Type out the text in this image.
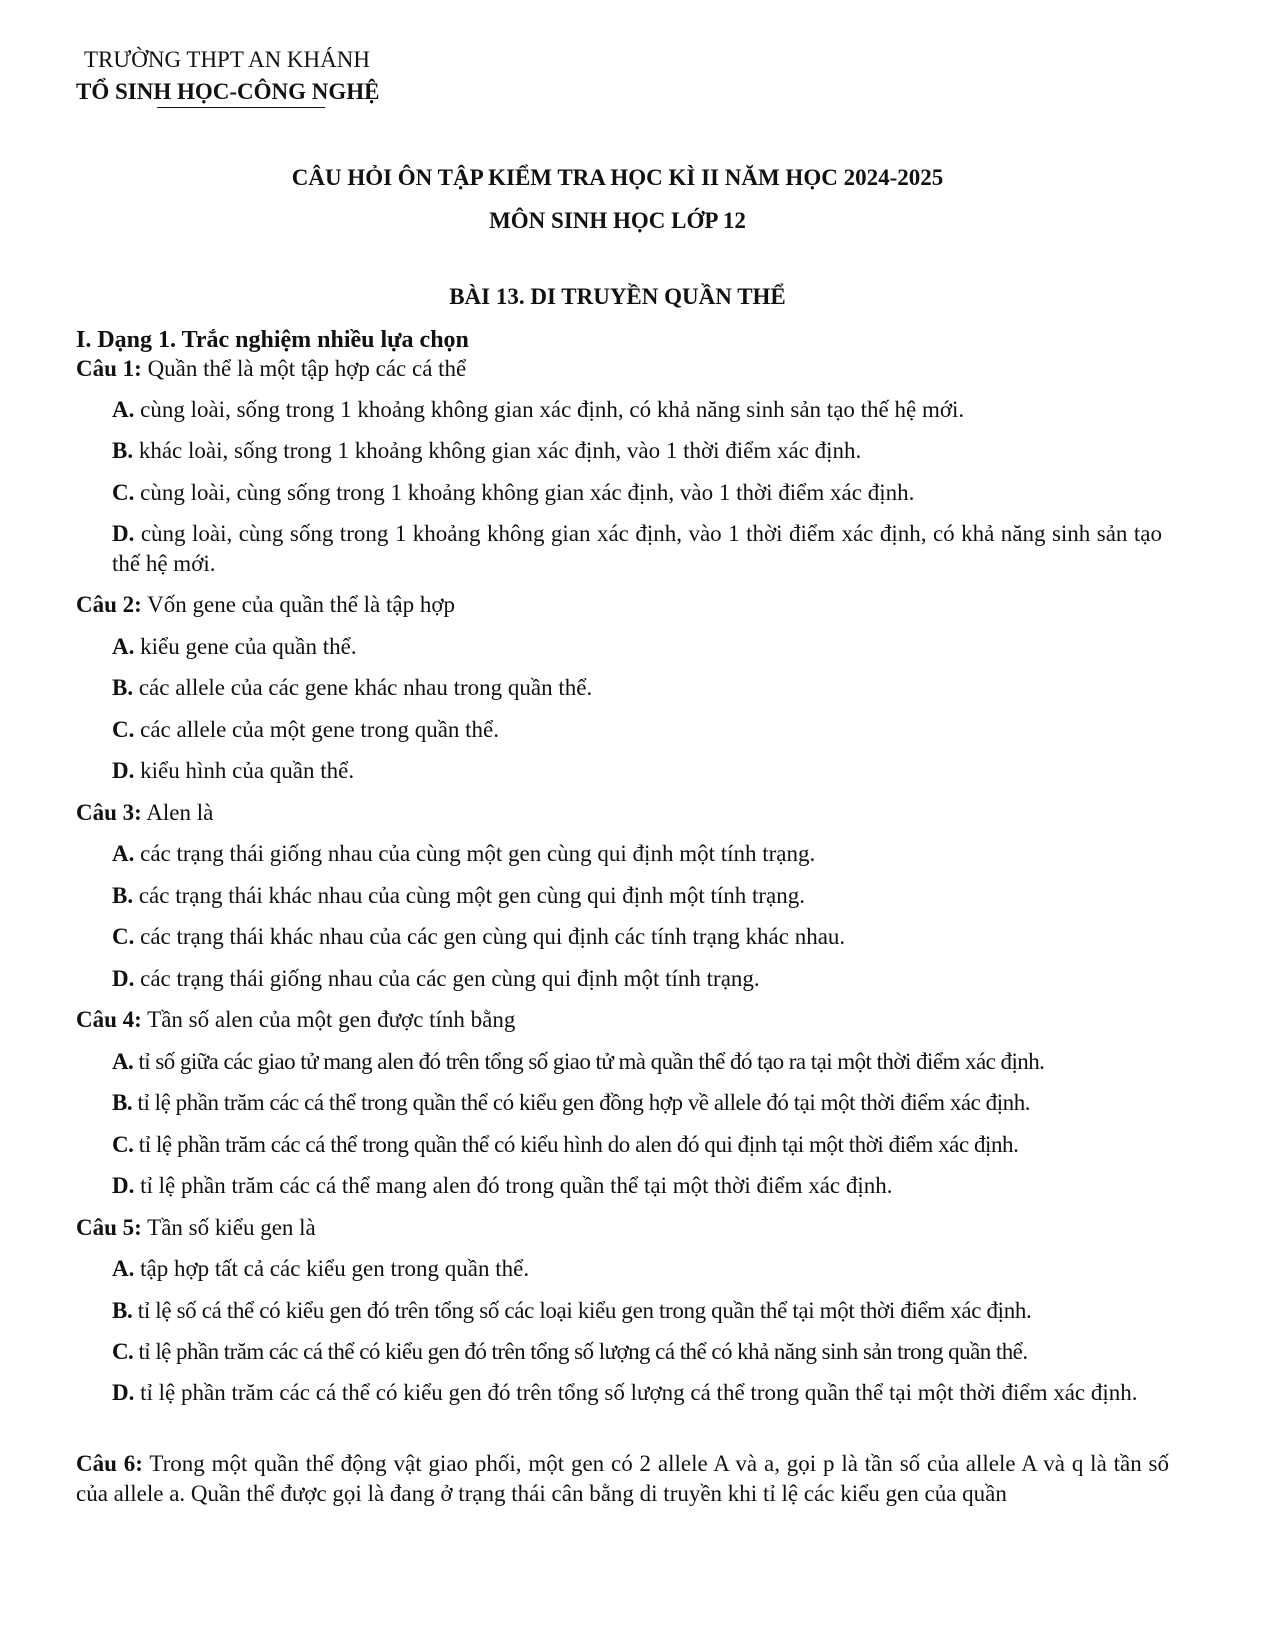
TRƯỜNG THPT AN KHÁNH
TỔ SINH HỌC-CÔNG NGHỆ
CÂU HỎI ÔN TẬP KIỂM TRA HỌC KÌ II NĂM HỌC 2024-2025
MÔN SINH HỌC LỚP 12
BÀI 13. DI TRUYỀN QUẦN THỂ
I. Dạng 1. Trắc nghiệm nhiều lựa chọn
Câu 1: Quần thể là một tập hợp các cá thể
A. cùng loài, sống trong 1 khoảng không gian xác định, có khả năng sinh sản tạo thế hệ mới.
B. khác loài, sống trong 1 khoảng không gian xác định, vào 1 thời điểm xác định.
C. cùng loài, cùng sống trong 1 khoảng không gian xác định, vào 1 thời điểm xác định.
D. cùng loài, cùng sống trong 1 khoảng không gian xác định, vào 1 thời điểm xác định, có khả năng sinh sản tạo thế hệ mới.
Câu 2: Vốn gene của quần thể là tập hợp
A. kiểu gene của quần thể.
B. các allele của các gene khác nhau trong quần thể.
C. các allele của một gene trong quần thể.
D. kiểu hình của quần thể.
Câu 3: Alen là
A. các trạng thái giống nhau của cùng một gen cùng qui định một tính trạng.
B. các trạng thái khác nhau của cùng một gen cùng qui định một tính trạng.
C. các trạng thái khác nhau của các gen cùng qui định các tính trạng khác nhau.
D. các trạng thái giống nhau của các gen cùng qui định một tính trạng.
Câu 4: Tần số alen của một gen được tính bằng
A. tỉ số giữa các giao tử mang alen đó trên tổng số giao tử mà quần thể đó tạo ra tại một thời điểm xác định.
B. tỉ lệ phần trăm các cá thể trong quần thể có kiểu gen đồng hợp về allele đó tại một thời điểm xác định.
C. tỉ lệ phần trăm các cá thể trong quần thể có kiểu hình do alen đó qui định tại một thời điểm xác định.
D. tỉ lệ phần trăm các cá thể mang alen đó trong quần thể tại một thời điểm xác định.
Câu 5: Tần số kiểu gen là
A. tập hợp tất cả các kiểu gen trong quần thể.
B. tỉ lệ số cá thể có kiểu gen đó trên tổng số các loại kiểu gen trong quần thể tại một thời điểm xác định.
C. tỉ lệ phần trăm các cá thể có kiểu gen đó trên tổng số lượng cá thể có khả năng sinh sản trong quần thể.
D. tỉ lệ phần trăm các cá thể có kiểu gen đó trên tổng số lượng cá thể trong quần thể tại một thời điểm xác định.
Câu 6: Trong một quần thể động vật giao phối, một gen có 2 allele A và a, gọi p là tần số của allele A và q là tần số của allele a. Quần thể được gọi là đang ở trạng thái cân bằng di truyền khi tỉ lệ các kiểu gen của quần
